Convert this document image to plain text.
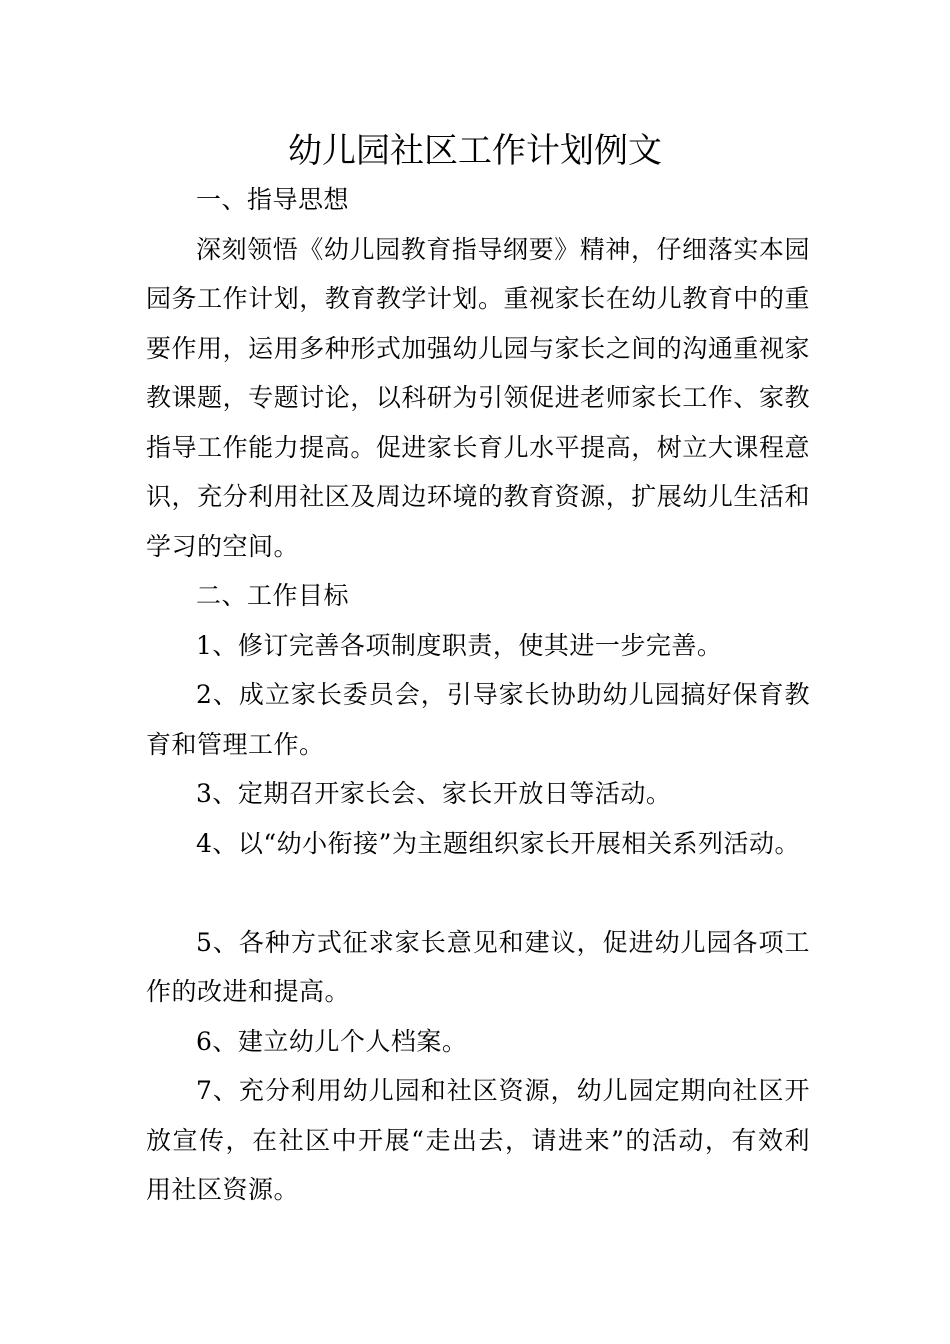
幼儿园社区工作计划例文

一、指导思想

深刻领悟《幼儿园教育指导纲要》精神，仔细落实本园园务工作计划，教育教学计划。重视家长在幼儿教育中的重要作用，运用多种形式加强幼儿园与家长之间的沟通重视家教课题，专题讨论，以科研为引领促进老师家长工作、家教指导工作能力提高。促进家长育儿水平提高，树立大课程意识，充分利用社区及周边环境的教育资源，扩展幼儿生活和学习的空间。

二、工作目标

1、修订完善各项制度职责，使其进一步完善。

2、成立家长委员会，引导家长协助幼儿园搞好保育教育和管理工作。

3、定期召开家长会、家长开放日等活动。

4、以“幼小衔接”为主题组织家长开展相关系列活动。

5、各种方式征求家长意见和建议，促进幼儿园各项工作的改进和提高。

6、建立幼儿个人档案。

7、充分利用幼儿园和社区资源，幼儿园定期向社区开放宣传，在社区中开展“走出去，请进来”的活动，有效利用社区资源。
